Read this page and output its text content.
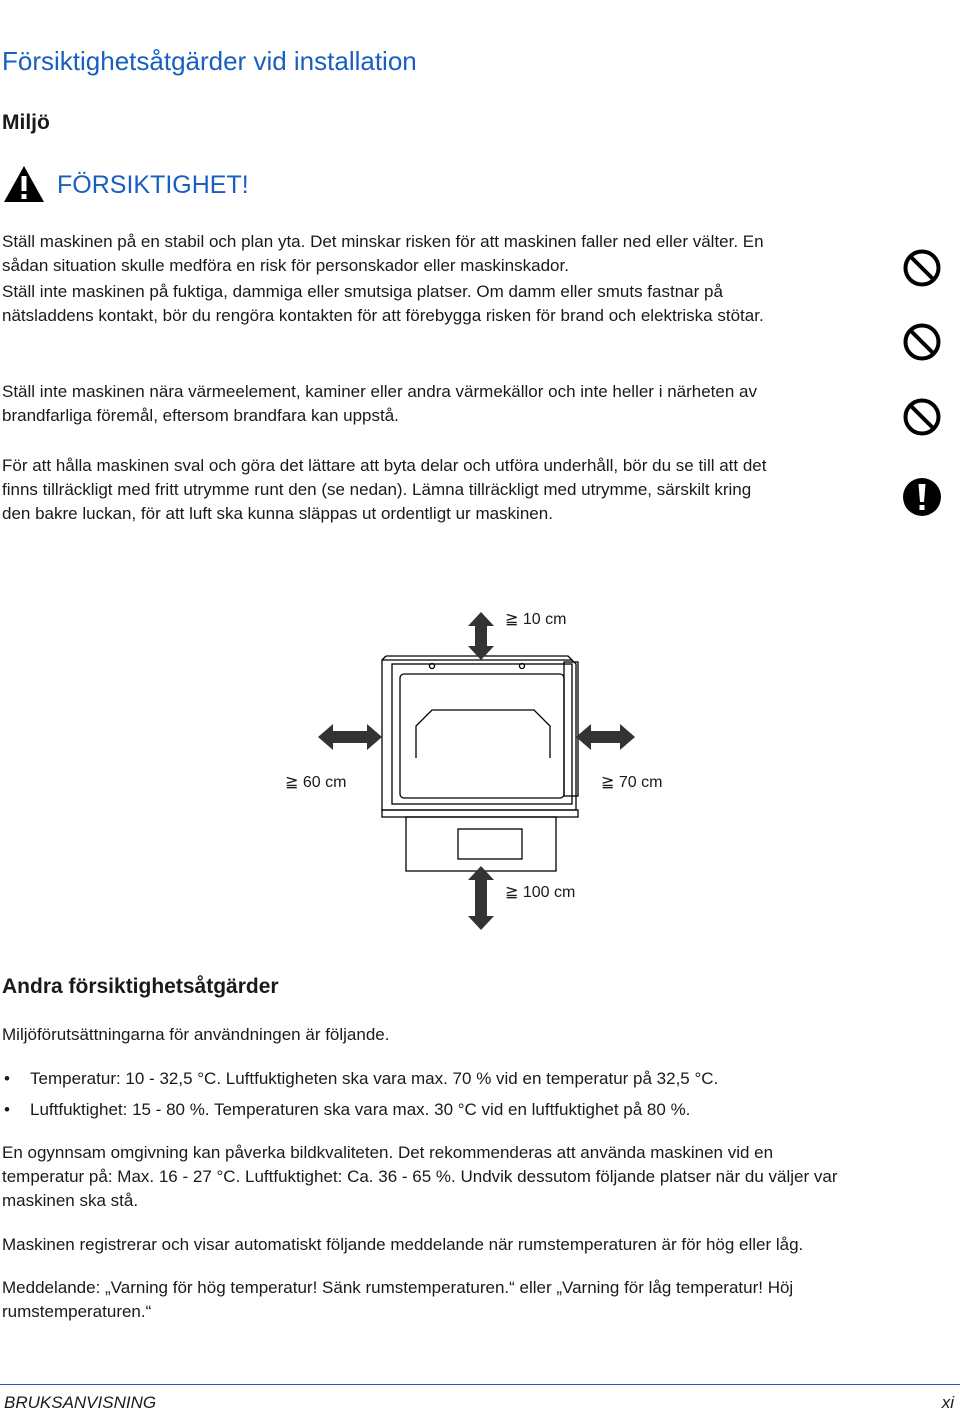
Försiktighetsåtgärder vid installation
Miljö
FÖRSIKTIGHET!

Ställ maskinen på en stabil och plan yta. Det minskar risken för att maskinen faller ned eller välter. En
sådan situation skulle medföra en risk för personskador eller maskinskador.

Ställ inte maskinen på fuktiga, dammiga eller smutsiga platser. Om damm eller smuts fastnar på
nätsladdens kontakt, bör du rengöra kontakten för att förebygga risken för brand och elektriska stötar.

Ställ inte maskinen nära värmeelement, kaminer eller andra värmekällor och inte heller i närheten av
brandfarliga föremål, eftersom brandfara kan uppstå.

För att hålla maskinen sval och göra det lättare att byta delar och utföra underhåll, bör du se till att det
finns tillräckligt med fritt utrymme runt den (se nedan). Lämna tillräckligt med utrymme, särskilt kring
den bakre luckan, för att luft ska kunna släppas ut ordentligt ur maskinen.

≧ 10 cm
≧ 60 cm	≧ 70 cm
≧ 100 cm
Andra försiktighetsåtgärder

Miljöförutsättningarna för användningen är följande.

• Temperatur: 10 - 32,5 °C. Luftfuktigheten ska vara max. 70 % vid en temperatur på 32,5 °C.
• Luftfuktighet: 15 - 80 %. Temperaturen ska vara max. 30 °C vid en luftfuktighet på 80 %.

En ogynnsam omgivning kan påverka bildkvaliteten. Det rekommenderas att använda maskinen vid en
temperatur på: Max. 16 - 27 °C. Luftfuktighet: Ca. 36 - 65 %. Undvik dessutom följande platser när du väljer var
maskinen ska stå.

Maskinen registrerar och visar automatiskt följande meddelande när rumstemperaturen är för hög eller låg.

Meddelande: „Varning för hög temperatur! Sänk rumstemperaturen.“ eller „Varning för låg temperatur! Höj
rumstemperaturen.“

BRUKSANVISNING	xi
